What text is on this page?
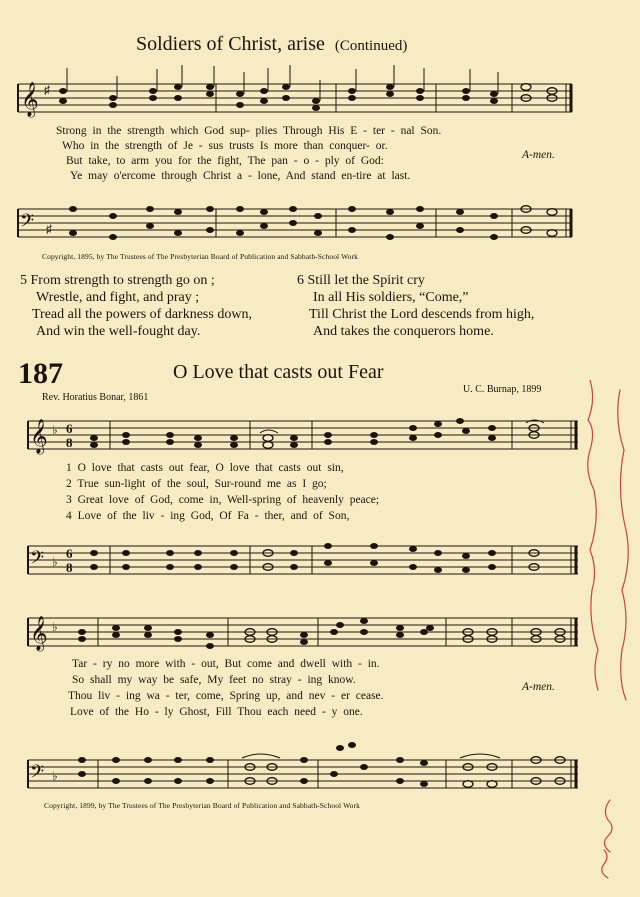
Soldiers of Christ, arise (Continued)
𝄞 ♯
Strong in the strength which God sup- plies Through His E - ter - nal Son.
Who in the strength of Je - sus trusts Is more than conquer- or.
But take, to arm you for the fight, The pan - o - ply of God:
Ye may o'ercome through Christ a - lone, And stand en-tire at last.
A-men.
𝄢 ♯
Copyright, 1895, by The Trustees of The Presbyterian Board of Publication and Sabbath-School Work
5 From strength to strength go on ;
Wrestle, and fight, and pray ;
Tread all the powers of darkness down,
And win the well-fought day.
6 Still let the Spirit cry
In all His soldiers, “Come,”
Till Christ the Lord descends from high,
And takes the conquerors home.
187	O Love that casts out Fear
Rev. Horatius Bonar, 1861
U. C. Burnap, 1899
𝄞 ♭ 6
8
1 O love that casts out fear, O love that casts out sin,
2 True sun-light of the soul, Sur-round me as I go;
3 Great love of God, come in, Well-spring of heavenly peace;
4 Love of the liv - ing God, Of Fa - ther, and of Son,
𝄢 ♭
6
8
𝄞 ♭
Tar - ry no more with - out, But come and dwell with - in.
So shall my way be safe, My feet no stray - ing know.
Thou liv - ing wa - ter, come, Spring up, and nev - er cease.
Love of the Ho - ly Ghost, Fill Thou each need - y one.
A-men.
𝄢 ♭
Copyright, 1899, by The Trustees of The Presbyterian Board of Publication and Sabbath-School Work
